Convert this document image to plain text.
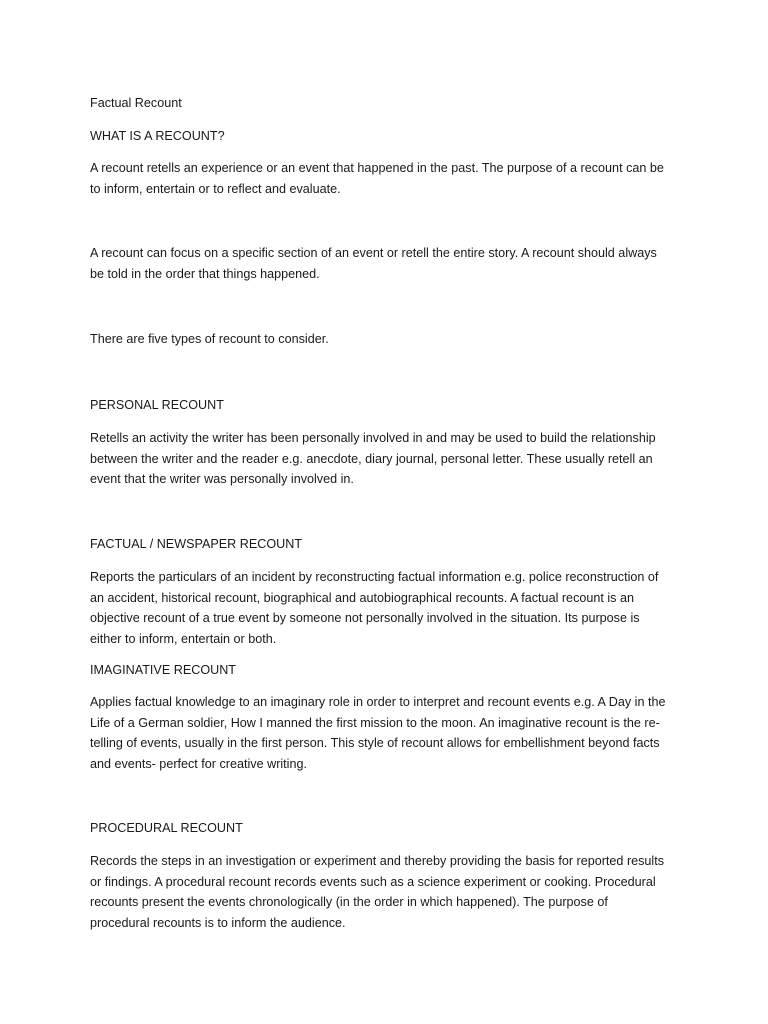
Factual Recount

WHAT IS A RECOUNT?

A recount retells an experience or an event that happened in the past. The purpose of a recount can be
to inform, entertain or to reflect and evaluate.
A recount can focus on a specific section of an event or retell the entire story. A recount should always
be told in the order that things happened.

There are five types of recount to consider.

PERSONAL RECOUNT

Retells an activity the writer has been personally involved in and may be used to build the relationship
between the writer and the reader e.g. anecdote, diary journal, personal letter. These usually retell an
event that the writer was personally involved in.

FACTUAL / NEWSPAPER RECOUNT

Reports the particulars of an incident by reconstructing factual information e.g. police reconstruction of
an accident, historical recount, biographical and autobiographical recounts. A factual recount is an
objective recount of a true event by someone not personally involved in the situation. Its purpose is
either to inform, entertain or both.

IMAGINATIVE RECOUNT

Applies factual knowledge to an imaginary role in order to interpret and recount events e.g. A Day in the
Life of a German soldier, How I manned the first mission to the moon. An imaginative recount is the re-
telling of events, usually in the first person. This style of recount allows for embellishment beyond facts
and events- perfect for creative writing.

PROCEDURAL RECOUNT

Records the steps in an investigation or experiment and thereby providing the basis for reported results
or findings. A procedural recount records events such as a science experiment or cooking. Procedural
recounts present the events chronologically (in the order in which happened). The purpose of
procedural recounts is to inform the audience.
